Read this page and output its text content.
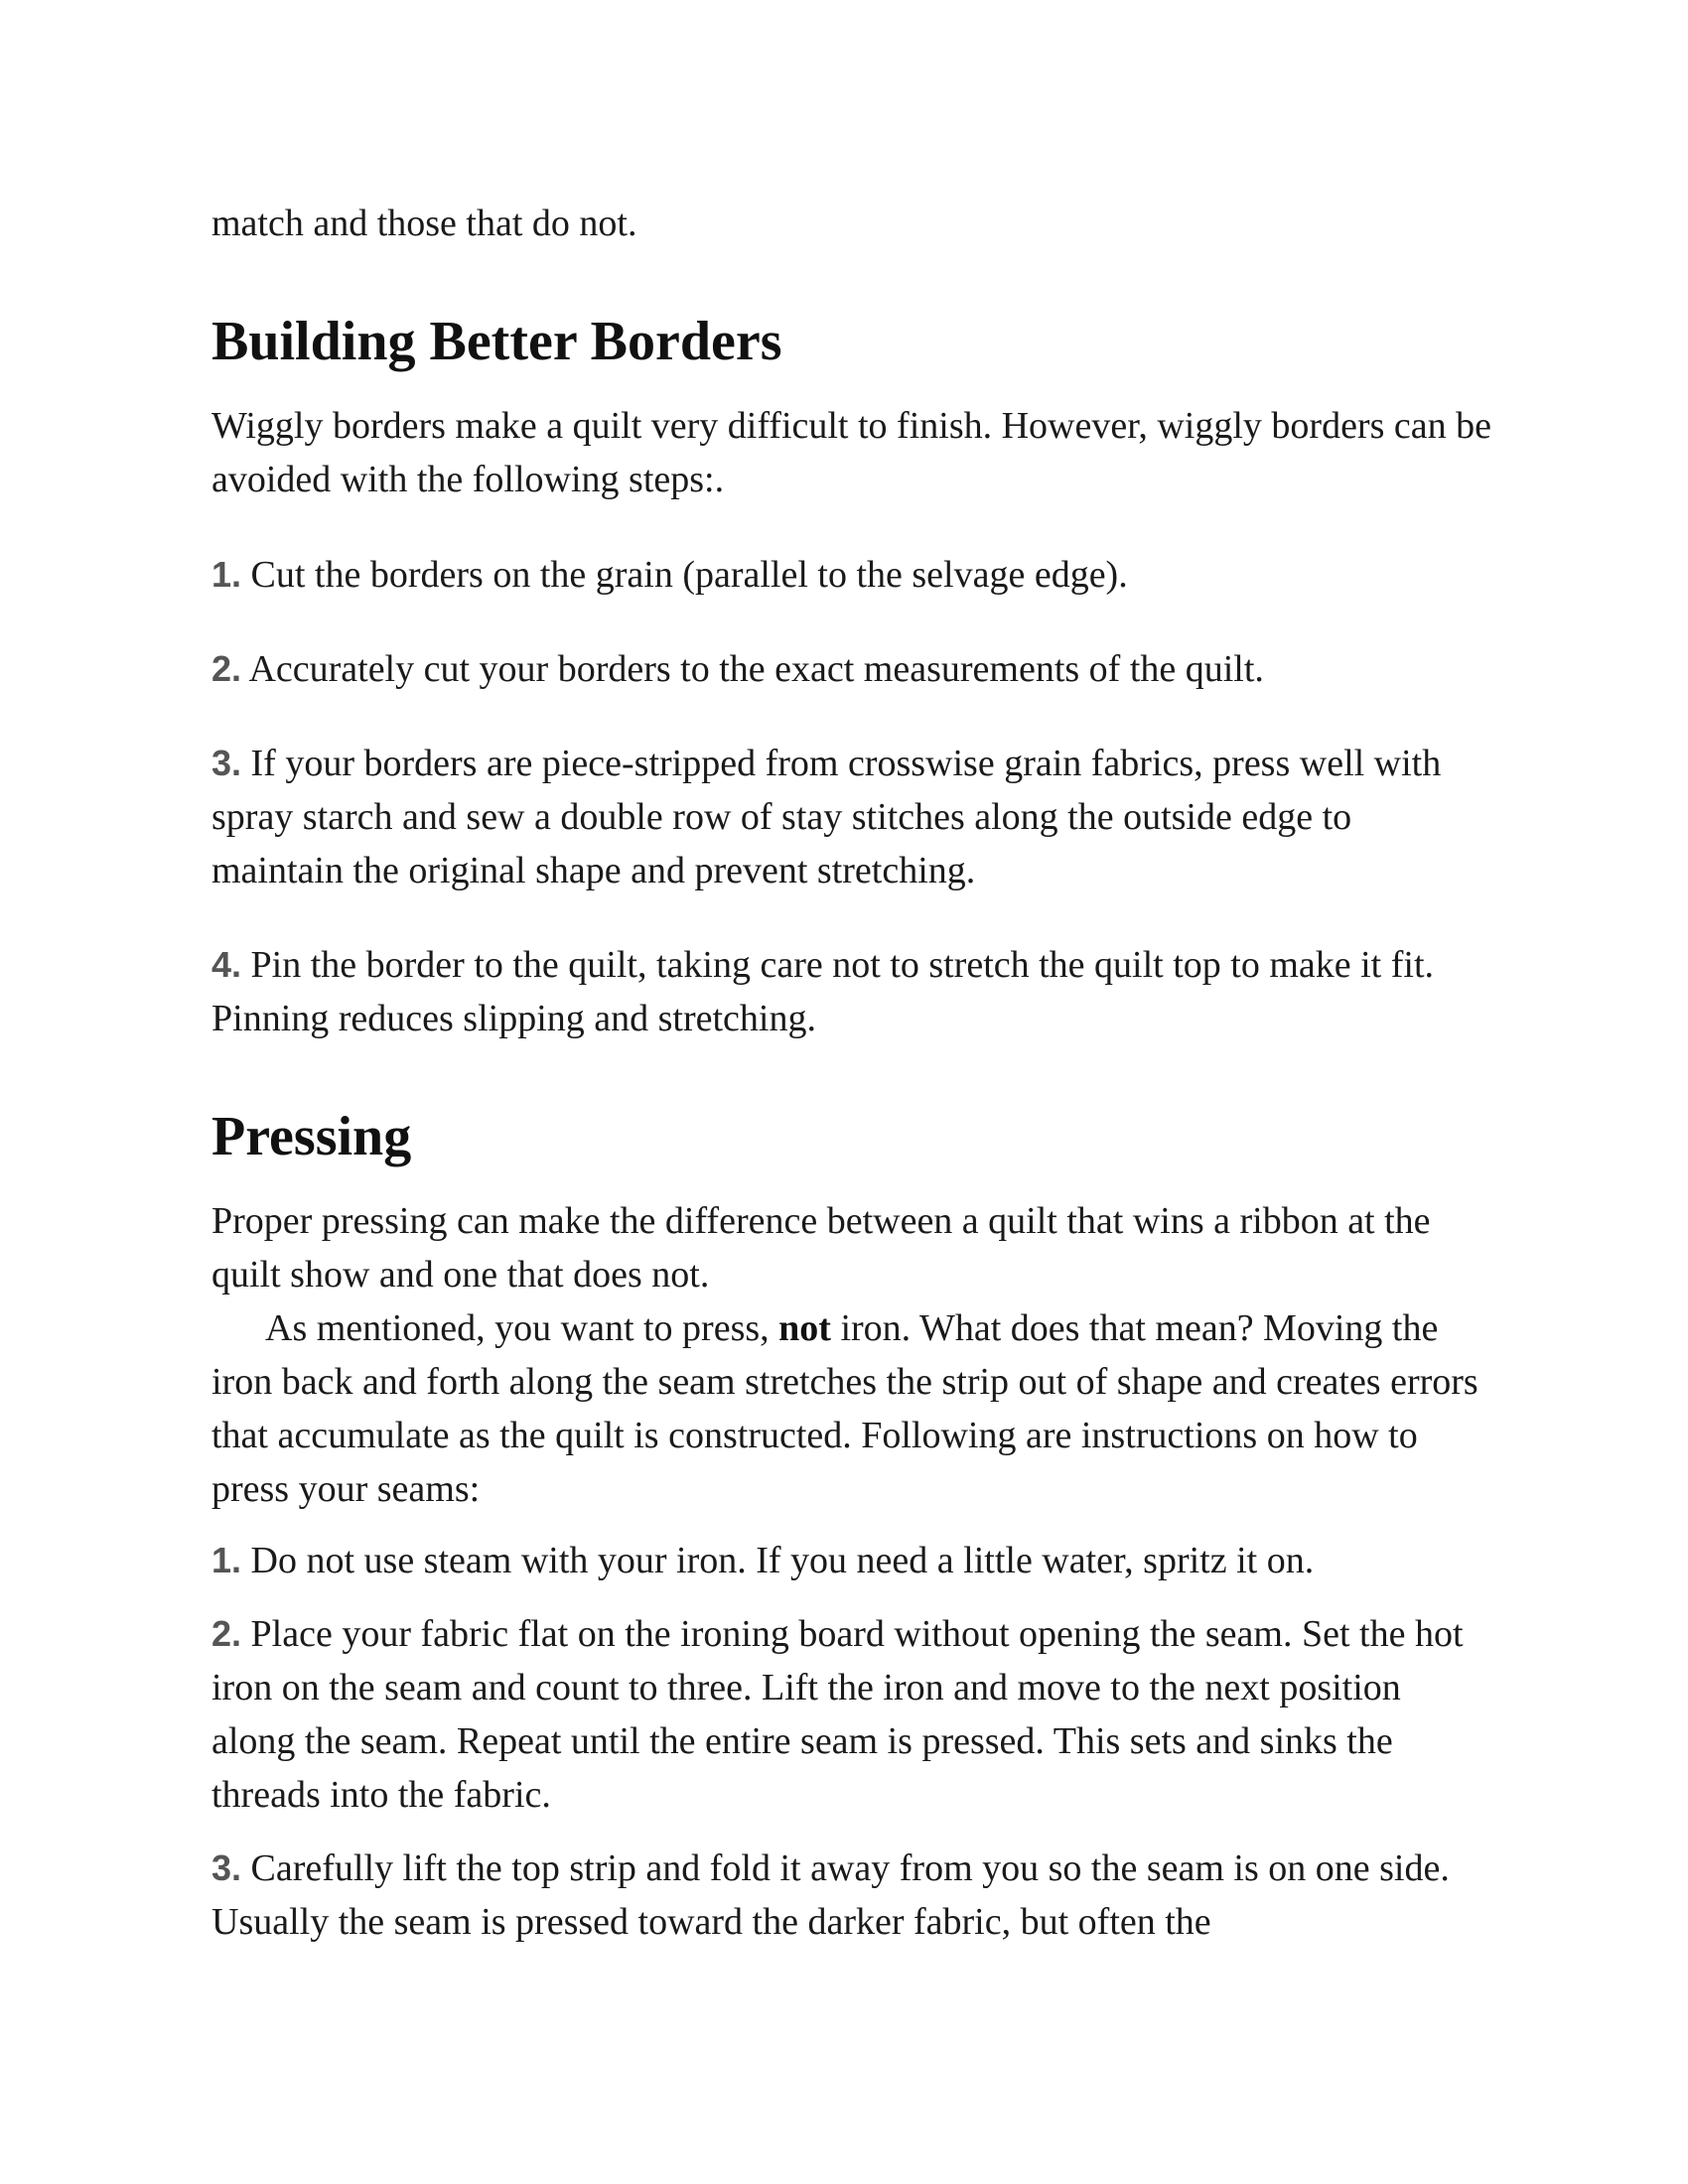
match and those that do not.

Building Better Borders

Wiggly borders make a quilt very difficult to finish. However, wiggly borders can be avoided with the following steps:.

1. Cut the borders on the grain (parallel to the selvage edge).

2. Accurately cut your borders to the exact measurements of the quilt.

3. If your borders are piece-stripped from crosswise grain fabrics, press well with spray starch and sew a double row of stay stitches along the outside edge to maintain the original shape and prevent stretching.

4. Pin the border to the quilt, taking care not to stretch the quilt top to make it fit. Pinning reduces slipping and stretching.

Pressing

Proper pressing can make the difference between a quilt that wins a ribbon at the quilt show and one that does not.

As mentioned, you want to press, not iron. What does that mean? Moving the iron back and forth along the seam stretches the strip out of shape and creates errors that accumulate as the quilt is constructed. Following are instructions on how to press your seams:

1. Do not use steam with your iron. If you need a little water, spritz it on.

2. Place your fabric flat on the ironing board without opening the seam. Set the hot iron on the seam and count to three. Lift the iron and move to the next position along the seam. Repeat until the entire seam is pressed. This sets and sinks the threads into the fabric.

3. Carefully lift the top strip and fold it away from you so the seam is on one side. Usually the seam is pressed toward the darker fabric, but often the
